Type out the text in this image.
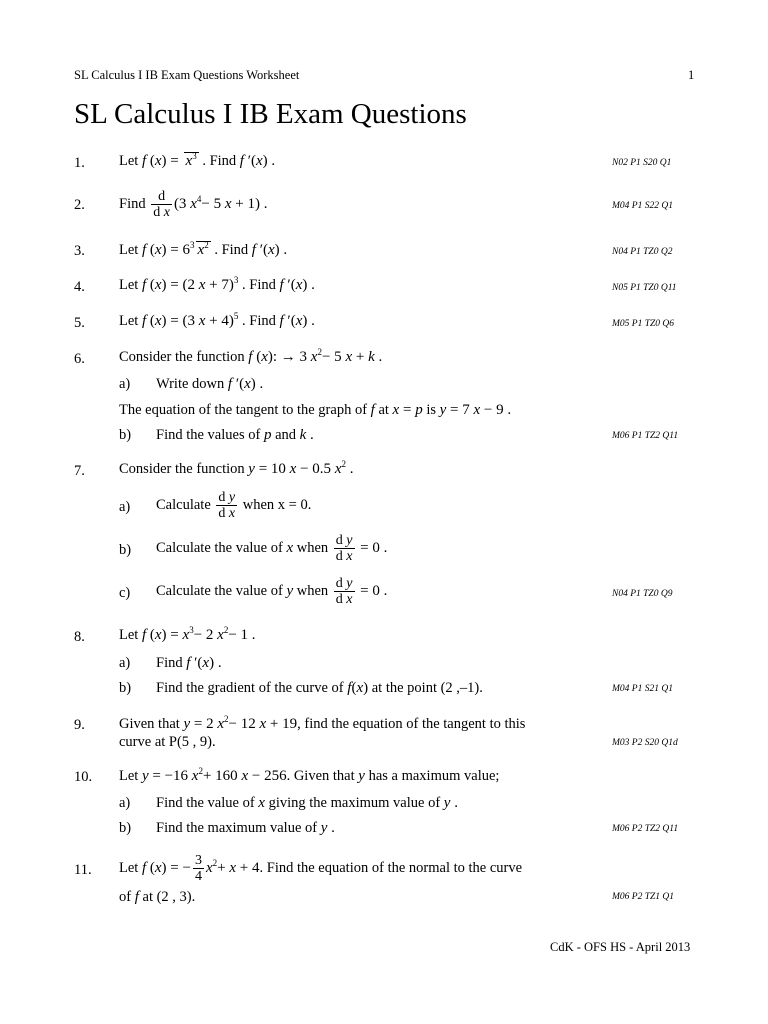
SL Calculus I IB Exam Questions Worksheet	1
SL Calculus I IB Exam Questions
1.
2.
3.
4.
5.
6.
7.
8.
9.
10.
11.
N02 P1 S20 Q1
M04 P1 S22 Q1
N04 P1 TZ0 Q2
N05 P1 TZ0 Q11
M05 P1 TZ0 Q6
M06 P1 TZ2 Q11
N04 P1 TZ0 Q9
M04 P1 S21 Q1
M03 P2 S20 Q1d
M06 P2 TZ2 Q11
M06 P2 TZ1 Q1
Let f $(x) = x^3$ . Find f ′(x) .
Find $\frac{d}{\text{d x}} (3$ $x^4- 5$ x + 1) .
Let f $(x) = 6^3$ $x^2$ . Find f ′(x) .
Let f (x) = (2 x + 7)$^3$ . Find f ′(x) .
Let f (x) = (3 x + 4)$^5$ . Find f ′(x) .
Consider the function f (x): → 3 $x^2- 5$ x + k .
a) Write down f ′(x) .
The equation of the tangent to the graph of f at x = p is y = 7 x − 9 .
b) Find the values of p and k .
Consider the function y = 10 x − 0.5 $x^2$ .
a) Calculate $\frac{\text{d y}}{\text{d x}}$ when x = 0.
b) Calculate the value of x when $\frac{\text{d y}}{\text{d x}} = 0$ .
c) Calculate the value of y when $\frac{\text{d y}}{\text{d x}} = 0$ .
Let f $(x) = x^3- 2$ $x^2- 1$ .
a) Find f ′(x) .
b) Find the gradient of the curve of f(x) at the point (2 ,–1).
Given that y = 2 $x^2- 12$ x + 19, find the equation of the tangent to this
curve at P(5 , 9).
Let y = −16 $x^2+ 160$ x − 256. Given that y has a maximum value;
a) Find the value of x giving the maximum value of y .
b) Find the maximum value of y .
Let f (x) = − $\frac{3}{4} x^2+ x + 4$. Find the equation of the normal to the curve
of f at (2 , 3).
CdK - OFS HS - April 2013
